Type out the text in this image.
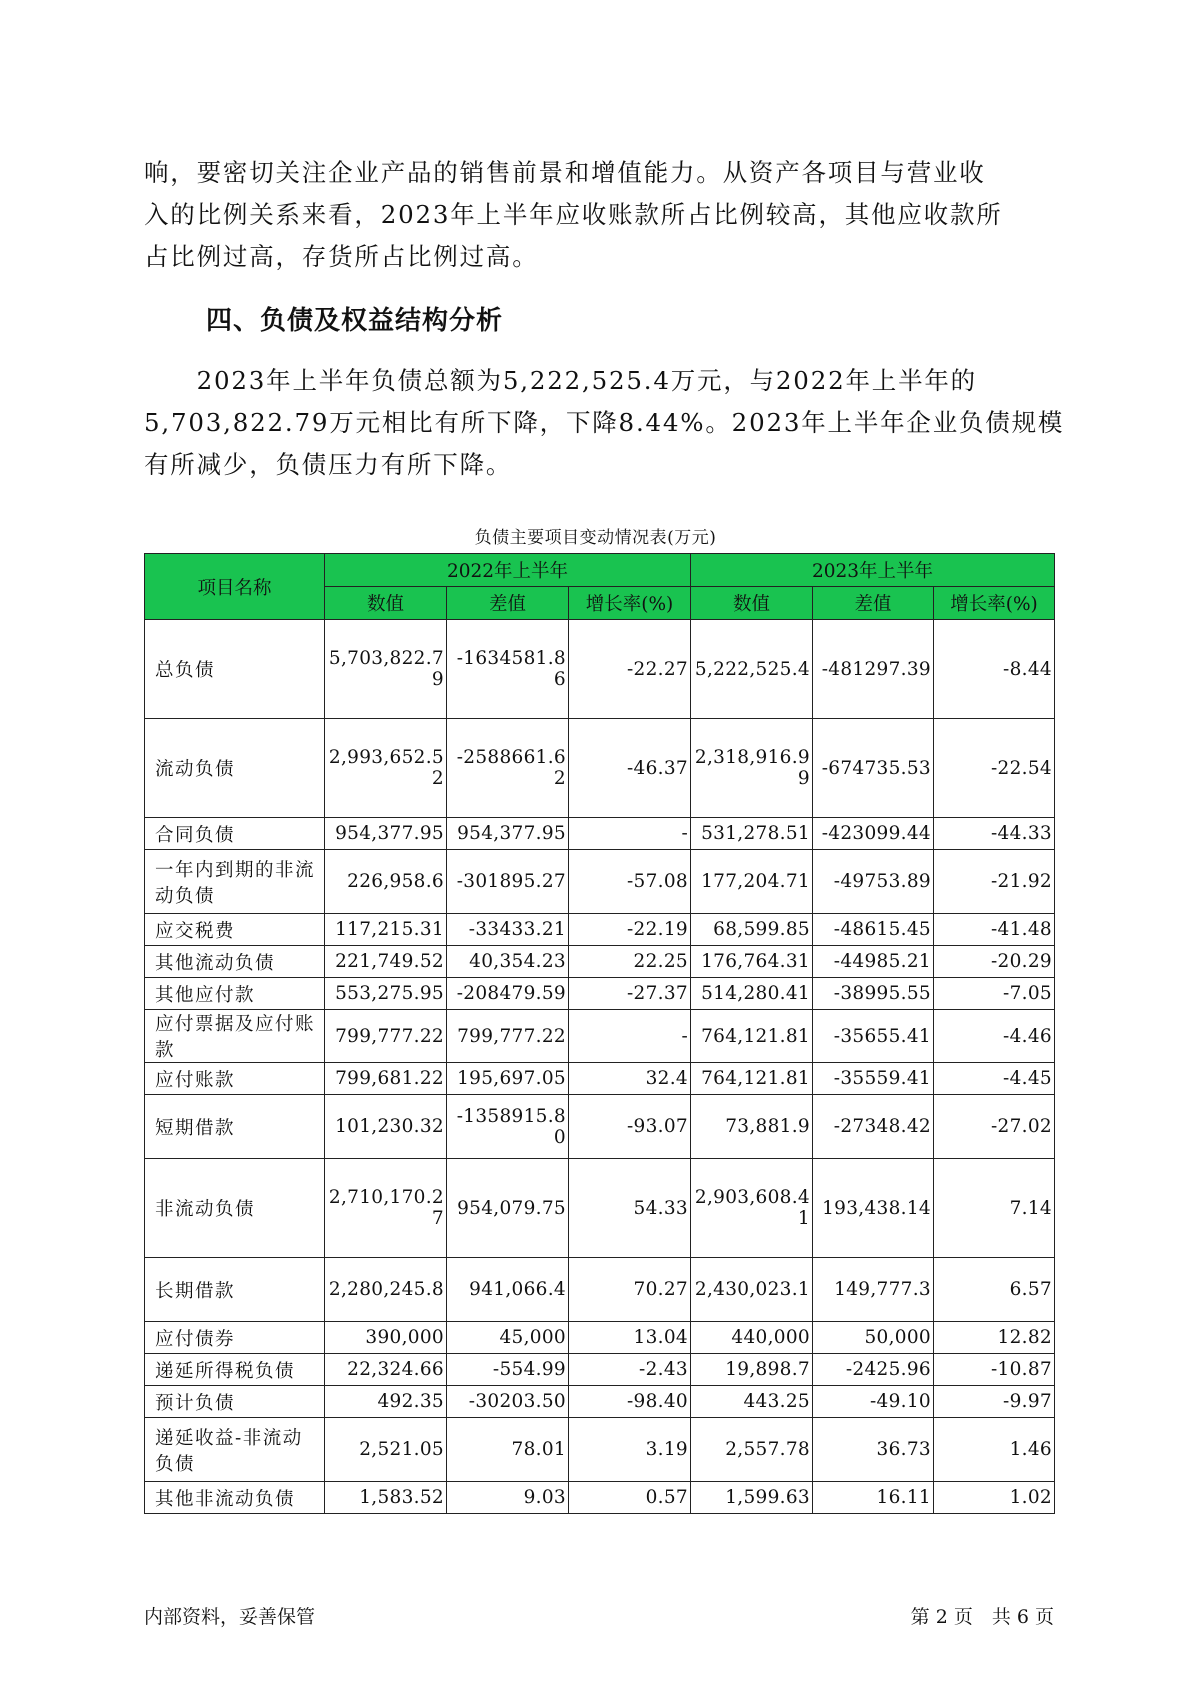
响，要密切关注企业产品的销售前景和增值能力。从资产各项目与营业收
入的比例关系来看，2023年上半年应收账款所占比例较高，其他应收款所
占比例过高，存货所占比例过高。
四、负债及权益结构分析
　　2023年上半年负债总额为5,222,525.4万元，与2022年上半年的
5,703,822.79万元相比有所下降，下降8.44%。2023年上半年企业负债规模
有所减少，负债压力有所下降。
负债主要项目变动情况表(万元)
项目名称	2022年上半年			2023年上半年		
	数值	差值	增长率(%)	数值	差值	增长率(%)
总负债	5,703,822.79	-1634581.86	-22.27	5,222,525.4	-481297.39	-8.44
流动负债	2,993,652.52	-2588661.62	-46.37	2,318,916.99	-674735.53	-22.54
合同负债	954,377.95	954,377.95	-	531,278.51	-423099.44	-44.33
一年内到期的非流动负债	226,958.6	-301895.27	-57.08	177,204.71	-49753.89	-21.92
应交税费	117,215.31	-33433.21	-22.19	68,599.85	-48615.45	-41.48
其他流动负债	221,749.52	40,354.23	22.25	176,764.31	-44985.21	-20.29
其他应付款	553,275.95	-208479.59	-27.37	514,280.41	-38995.55	-7.05
应付票据及应付账款	799,777.22	799,777.22	-	764,121.81	-35655.41	-4.46
应付账款	799,681.22	195,697.05	32.4	764,121.81	-35559.41	-4.45
短期借款	101,230.32	-1358915.80	-93.07	73,881.9	-27348.42	-27.02
非流动负债	2,710,170.27	954,079.75	54.33	2,903,608.41	193,438.14	7.14
长期借款	2,280,245.8	941,066.4	70.27	2,430,023.1	149,777.3	6.57
应付债券	390,000	45,000	13.04	440,000	50,000	12.82
递延所得税负债	22,324.66	-554.99	-2.43	19,898.7	-2425.96	-10.87
预计负债	492.35	-30203.50	-98.40	443.25	-49.10	-9.97
递延收益-非流动负债	2,521.05	78.01	3.19	2,557.78	36.73	1.46
其他非流动负债	1,583.52	9.03	0.57	1,599.63	16.11	1.02
内部资料，妥善保管	第 2 页　共 6 页
